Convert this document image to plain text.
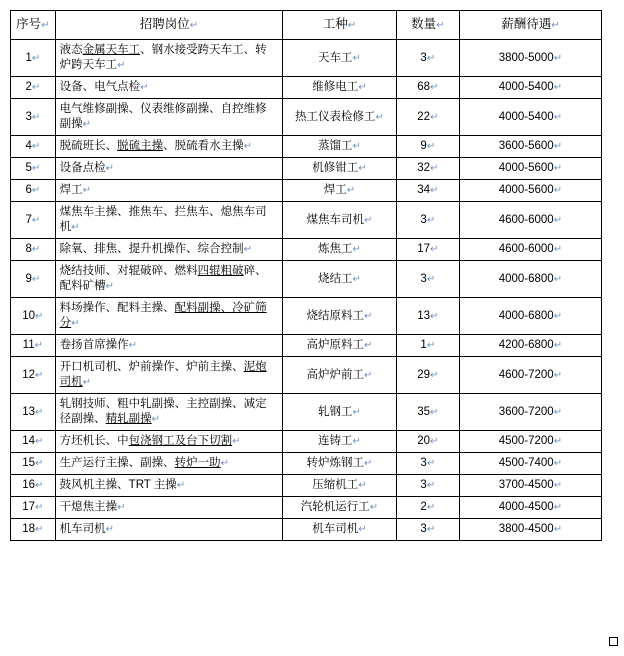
序号↵	招聘岗位↵	工种↵	数量↵	薪酬待遇↵
1↵	液态金属天车工、钢水接受跨天车工、转炉跨天车工↵	天车工↵	3↵	3800-5000↵
2↵	设备、电气点检↵	维修电工↵	68↵	4000-5400↵
3↵	电气维修副操、仪表维修副操、自控维修副操↵	热工仪表检修工↵	22↵	4000-5400↵
4↵	脱硫班长、脱硫主操、脱硫看水主操↵	蒸馏工↵	9↵	3600-5600↵
5↵	设备点检↵	机修钳工↵	32↵	4000-5600↵
6↵	焊工↵	焊工↵	34↵	4000-5600↵
7↵	煤焦车主操、推焦车、拦焦车、熄焦车司机↵	煤焦车司机↵	3↵	4600-6000↵
8↵	除氧、排焦、提升机操作、综合控制↵	炼焦工↵	17↵	4600-6000↵
9↵	烧结技师、对辊破碎、燃料四辊粗破碎、配料矿槽↵	烧结工↵	3↵	4000-6800↵
10↵	料场操作、配料主操、配料副操、冷矿筛分↵	烧结原料工↵	13↵	4000-6800↵
11↵	卷扬首席操作↵	高炉原料工↵	1↵	4200-6800↵
12↵	开口机司机、炉前操作、炉前主操、泥炮司机↵	高炉炉前工↵	29↵	4600-7200↵
13↵	轧钢技师、粗中轧副操、主控副操、减定径副操、精轧副操↵	轧钢工↵	35↵	3600-7200↵
14↵	方坯机长、中包浇钢工及台下切割↵	连铸工↵	20↵	4500-7200↵
15↵	生产运行主操、副操、转炉一助↵	转炉炼钢工↵	3↵	4500-7400↵
16↵	鼓风机主操、TRT 主操↵	压缩机工↵	3↵	3700-4500↵
17↵	干熄焦主操↵	汽轮机运行工↵	2↵	4000-4500↵
18↵	机车司机↵	机车司机↵	3↵	3800-4500↵
